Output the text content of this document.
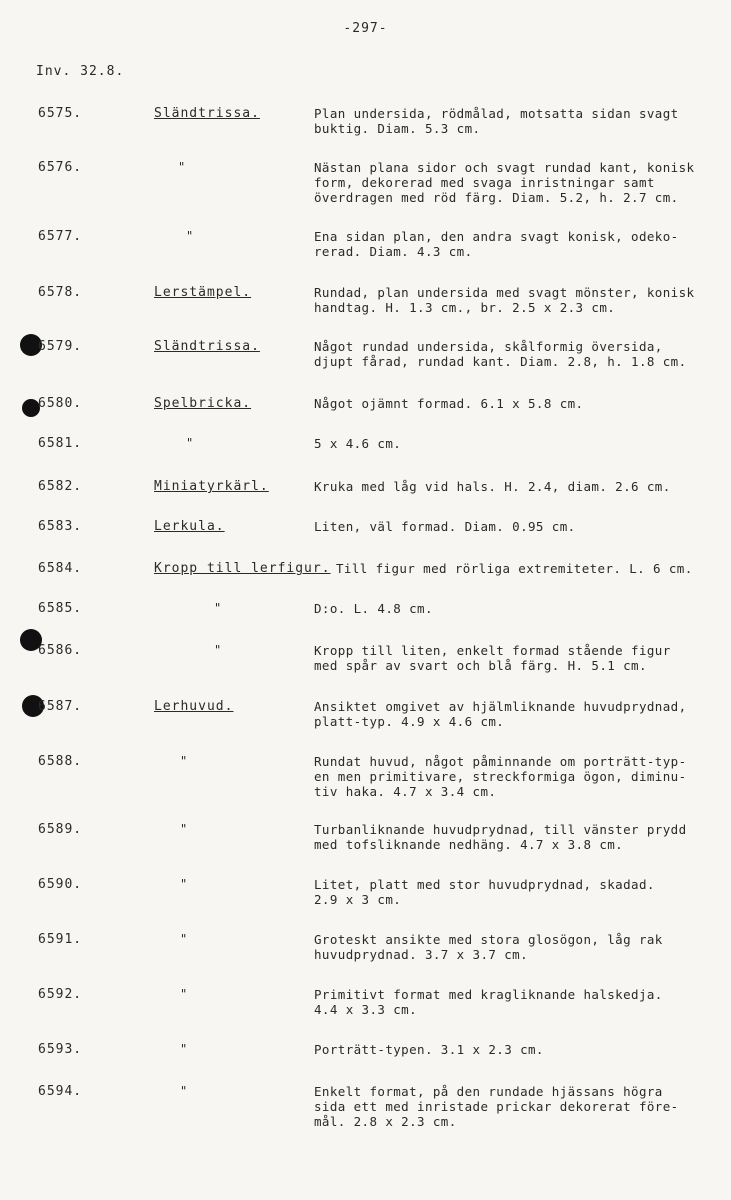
-297-
Inv. 32.8.
6575.	Sländtrissa.	Plan undersida, rödmålad, motsatta sidan svagt
buktig. Diam. 5.3 cm.
6576.	"	Nästan plana sidor och svagt rundad kant, konisk
form, dekorerad med svaga inristningar samt
överdragen med röd färg. Diam. 5.2, h. 2.7 cm.
6577.	"	Ena sidan plan, den andra svagt konisk, odeko-
rerad. Diam. 4.3 cm.
6578.	Lerstämpel.	Rundad, plan undersida med svagt mönster, konisk
handtag. H. 1.3 cm., br. 2.5 x 2.3 cm.
6579.	Sländtrissa.	Något rundad undersida, skålformig översida,
djupt fårad, rundad kant. Diam. 2.8, h. 1.8 cm.
6580.	Spelbricka.	Något ojämnt formad. 6.1 x 5.8 cm.
6581.	"	5 x 4.6 cm.
6582.	Miniatyrkärl.	Kruka med låg vid hals. H. 2.4, diam. 2.6 cm.
6583.	Lerkula.	Liten, väl formad. Diam. 0.95 cm.
6584.	Kropp till lerfigur. Till figur med rörliga extremiteter. L. 6 cm.
6585.	"	D:o. L. 4.8 cm.
6586.	"	Kropp till liten, enkelt formad stående figur
med spår av svart och blå färg. H. 5.1 cm.
6587.	Lerhuvud.	Ansiktet omgivet av hjälmliknande huvudprydnad,
platt-typ. 4.9 x 4.6 cm.
6588.	"	Rundat huvud, något påminnande om porträtt-typ-
en men primitivare, streckformiga ögon, diminu-
tiv haka. 4.7 x 3.4 cm.
6589.	"	Turbanliknande huvudprydnad, till vänster prydd
med tofsliknande nedhäng. 4.7 x 3.8 cm.
6590.	"	Litet, platt med stor huvudprydnad, skadad.
2.9 x 3 cm.
6591.	"	Groteskt ansikte med stora glosögon, låg rak
huvudprydnad. 3.7 x 3.7 cm.
6592.	"	Primitivt format med kragliknande halskedja.
4.4 x 3.3 cm.
6593.	"	Porträtt-typen. 3.1 x 2.3 cm.
6594.	"	Enkelt format, på den rundade hjässans högra
sida ett med inristade prickar dekorerat före-
mål. 2.8 x 2.3 cm.
